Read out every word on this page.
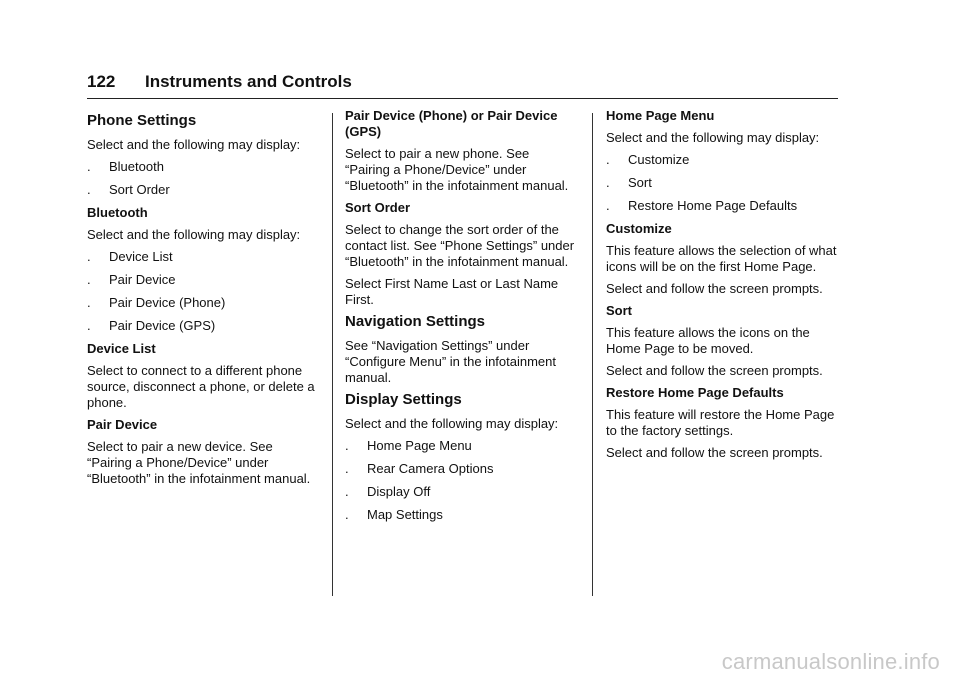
122 Instruments and Controls
Phone Settings

Select and the following may display:

. Bluetooth
. Sort Order

Bluetooth

Select and the following may display:

. Device List
. Pair Device
. Pair Device (Phone)
. Pair Device (GPS)

Device List

Select to connect to a different phone source, disconnect a phone, or delete a phone.

Pair Device

Select to pair a new device. See “Pairing a Phone/Device” under “Bluetooth” in the infotainment manual.

Pair Device (Phone) or Pair Device (GPS)

Select to pair a new phone. See “Pairing a Phone/Device” under “Bluetooth” in the infotainment manual.

Sort Order

Select to change the sort order of the contact list. See “Phone Settings” under “Bluetooth” in the infotainment manual.

Select First Name Last or Last Name First.

Navigation Settings

See “Navigation Settings” under “Configure Menu” in the infotainment manual.

Display Settings

Select and the following may display:

. Home Page Menu
. Rear Camera Options
. Display Off
. Map Settings

Home Page Menu

Select and the following may display:

. Customize
. Sort
. Restore Home Page Defaults

Customize

This feature allows the selection of what icons will be on the first Home Page.

Select and follow the screen prompts.

Sort

This feature allows the icons on the Home Page to be moved.

Select and follow the screen prompts.

Restore Home Page Defaults

This feature will restore the Home Page to the factory settings.

Select and follow the screen prompts.

carmanualsonline.info
